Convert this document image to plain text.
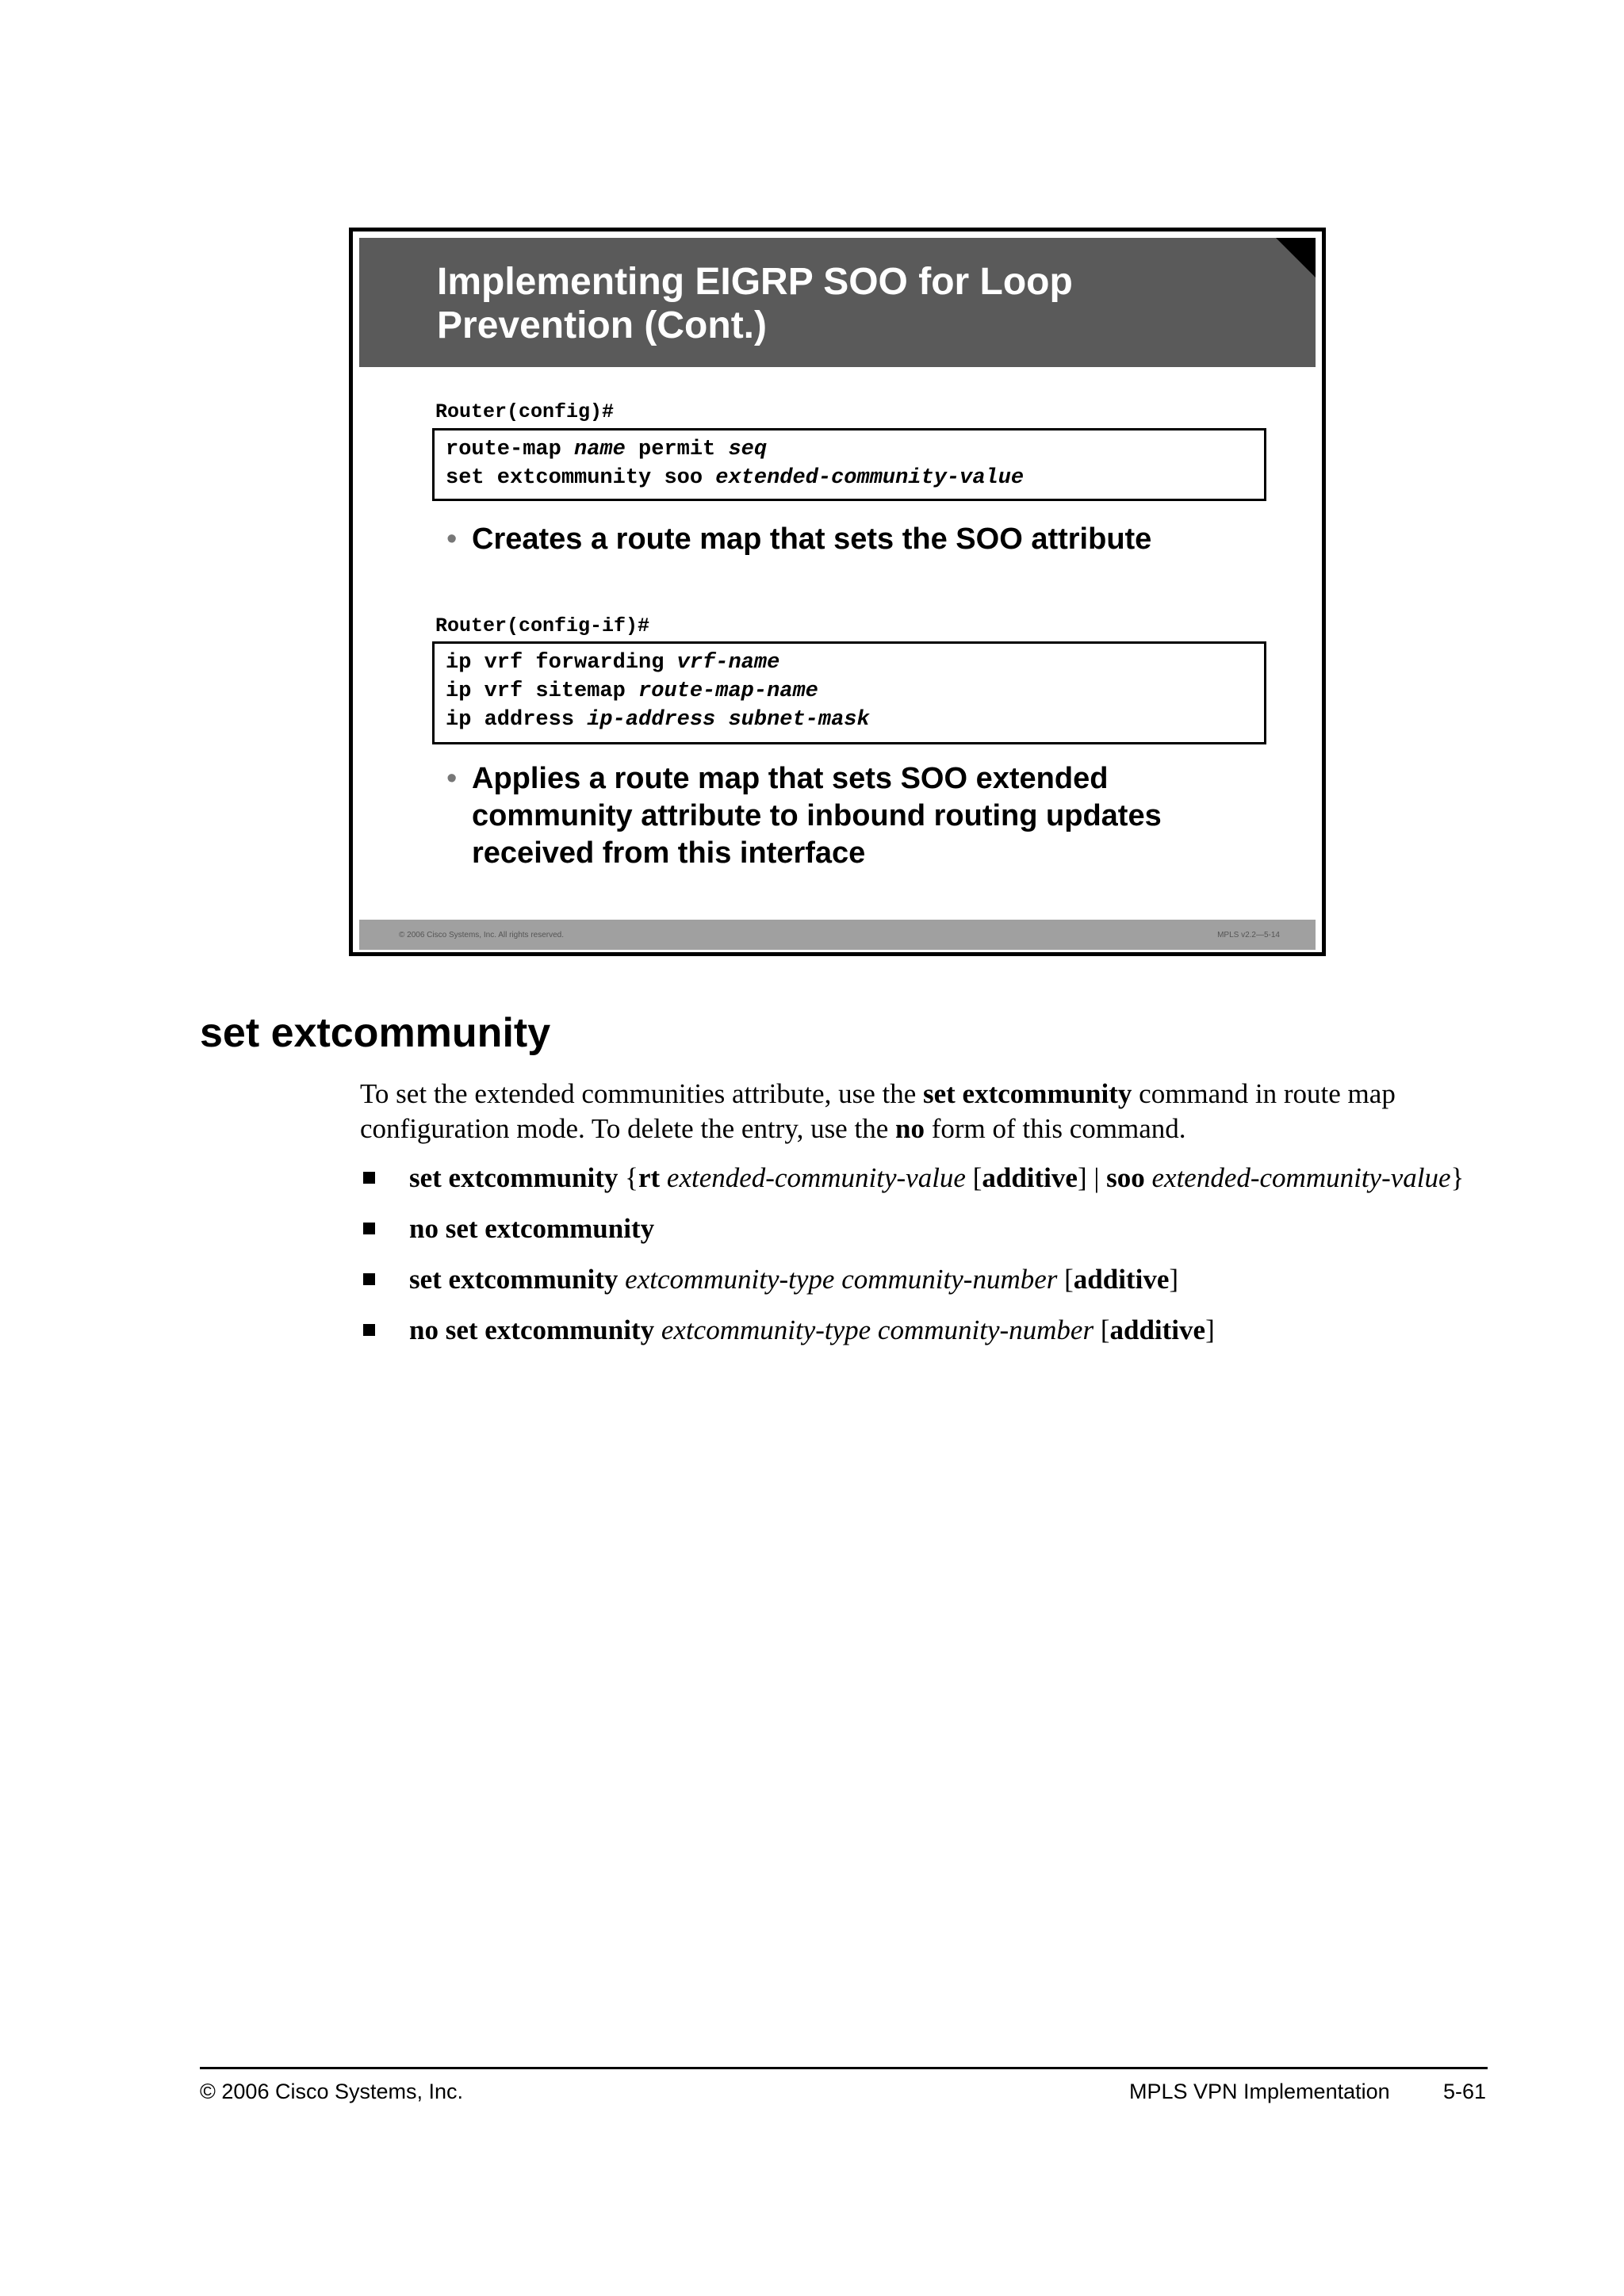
Implementing EIGRP SOO for Loop
Prevention (Cont.)

Router(config)#

route-map name permit seq
set extcommunity soo extended-community-value
• Creates a route map that sets the SOO attribute

Router(config-if)#

ip vrf forwarding vrf-name
ip vrf sitemap route-map-name
ip address ip-address subnet-mask
• Applies a route map that sets SOO extended community attribute to inbound routing updates received from this interface
© 2006 Cisco Systems, Inc. All rights reserved.	MPLS v2.2—5-14
set extcommunity

To set the extended communities attribute, use the set extcommunity command in route map configuration mode. To delete the entry, use the no form of this command.

set extcommunity {rt extended-community-value [additive] | soo extended-community-value}
no set extcommunity
set extcommunity extcommunity-type community-number [additive]
no set extcommunity extcommunity-type community-number [additive]
© 2006 Cisco Systems, Inc.	MPLS VPN Implementation 5-61
